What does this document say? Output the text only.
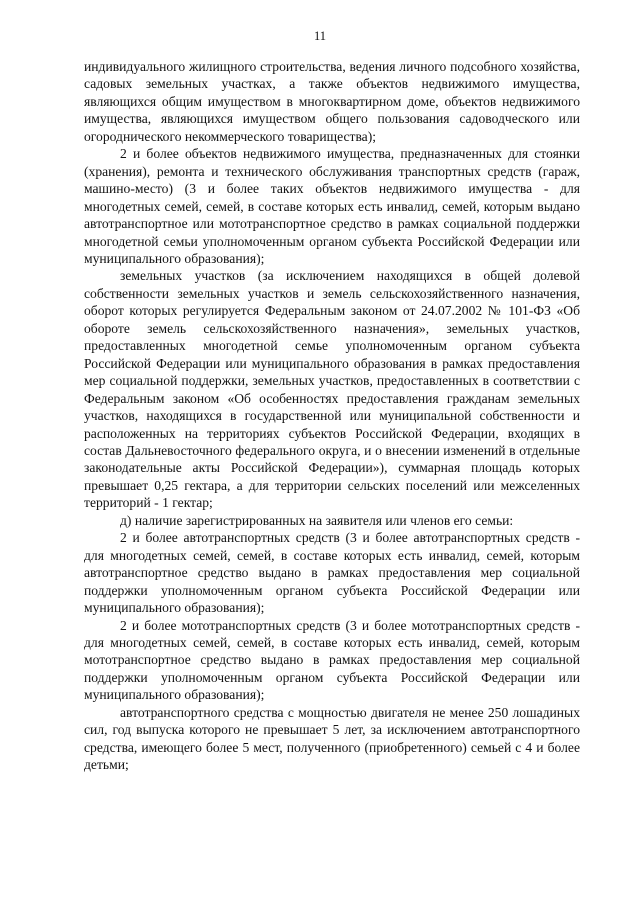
11

индивидуального жилищного строительства, ведения личного подсобного хозяйства, садовых земельных участках, а также объектов недвижимого имущества, являющихся общим имуществом в многоквартирном доме, объектов недвижимого имущества, являющихся имуществом общего пользования садоводческого или огороднического некоммерческого товарищества);

2 и более объектов недвижимого имущества, предназначенных для стоянки (хранения), ремонта и технического обслуживания транспортных средств (гараж, машино-место) (3 и более таких объектов недвижимого имущества - для многодетных семей, семей, в составе которых есть инвалид, семей, которым выдано автотранспортное или мототранспортное средство в рамках социальной поддержки многодетной семьи уполномоченным органом субъекта Российской Федерации или муниципального образования);

земельных участков (за исключением находящихся в общей долевой собственности земельных участков и земель сельскохозяйственного назначения, оборот которых регулируется Федеральным законом от 24.07.2002 № 101-ФЗ «Об обороте земель сельскохозяйственного назначения», земельных участков, предоставленных многодетной семье уполномоченным органом субъекта Российской Федерации или муниципального образования в рамках предоставления мер социальной поддержки, земельных участков, предоставленных в соответствии с Федеральным законом «Об особенностях предоставления гражданам земельных участков, находящихся в государственной или муниципальной собственности и расположенных на территориях субъектов Российской Федерации, входящих в состав Дальневосточного федерального округа, и о внесении изменений в отдельные законодательные акты Российской Федерации»), суммарная площадь которых превышает 0,25 гектара, а для территории сельских поселений или межселенных территорий - 1 гектар;

д) наличие зарегистрированных на заявителя или членов его семьи:

2 и более автотранспортных средств (3 и более автотранспортных средств - для многодетных семей, семей, в составе которых есть инвалид, семей, которым автотранспортное средство выдано в рамках предоставления мер социальной поддержки уполномоченным органом субъекта Российской Федерации или муниципального образования);

2 и более мототранспортных средств (3 и более мототранспортных средств - для многодетных семей, семей, в составе которых есть инвалид, семей, которым мототранспортное средство выдано в рамках предоставления мер социальной поддержки уполномоченным органом субъекта Российской Федерации или муниципального образования);

автотранспортного средства с мощностью двигателя не менее 250 лошадиных сил, год выпуска которого не превышает 5 лет, за исключением автотранспортного средства, имеющего более 5 мест, полученного (приобретенного) семьей с 4 и более детьми;
